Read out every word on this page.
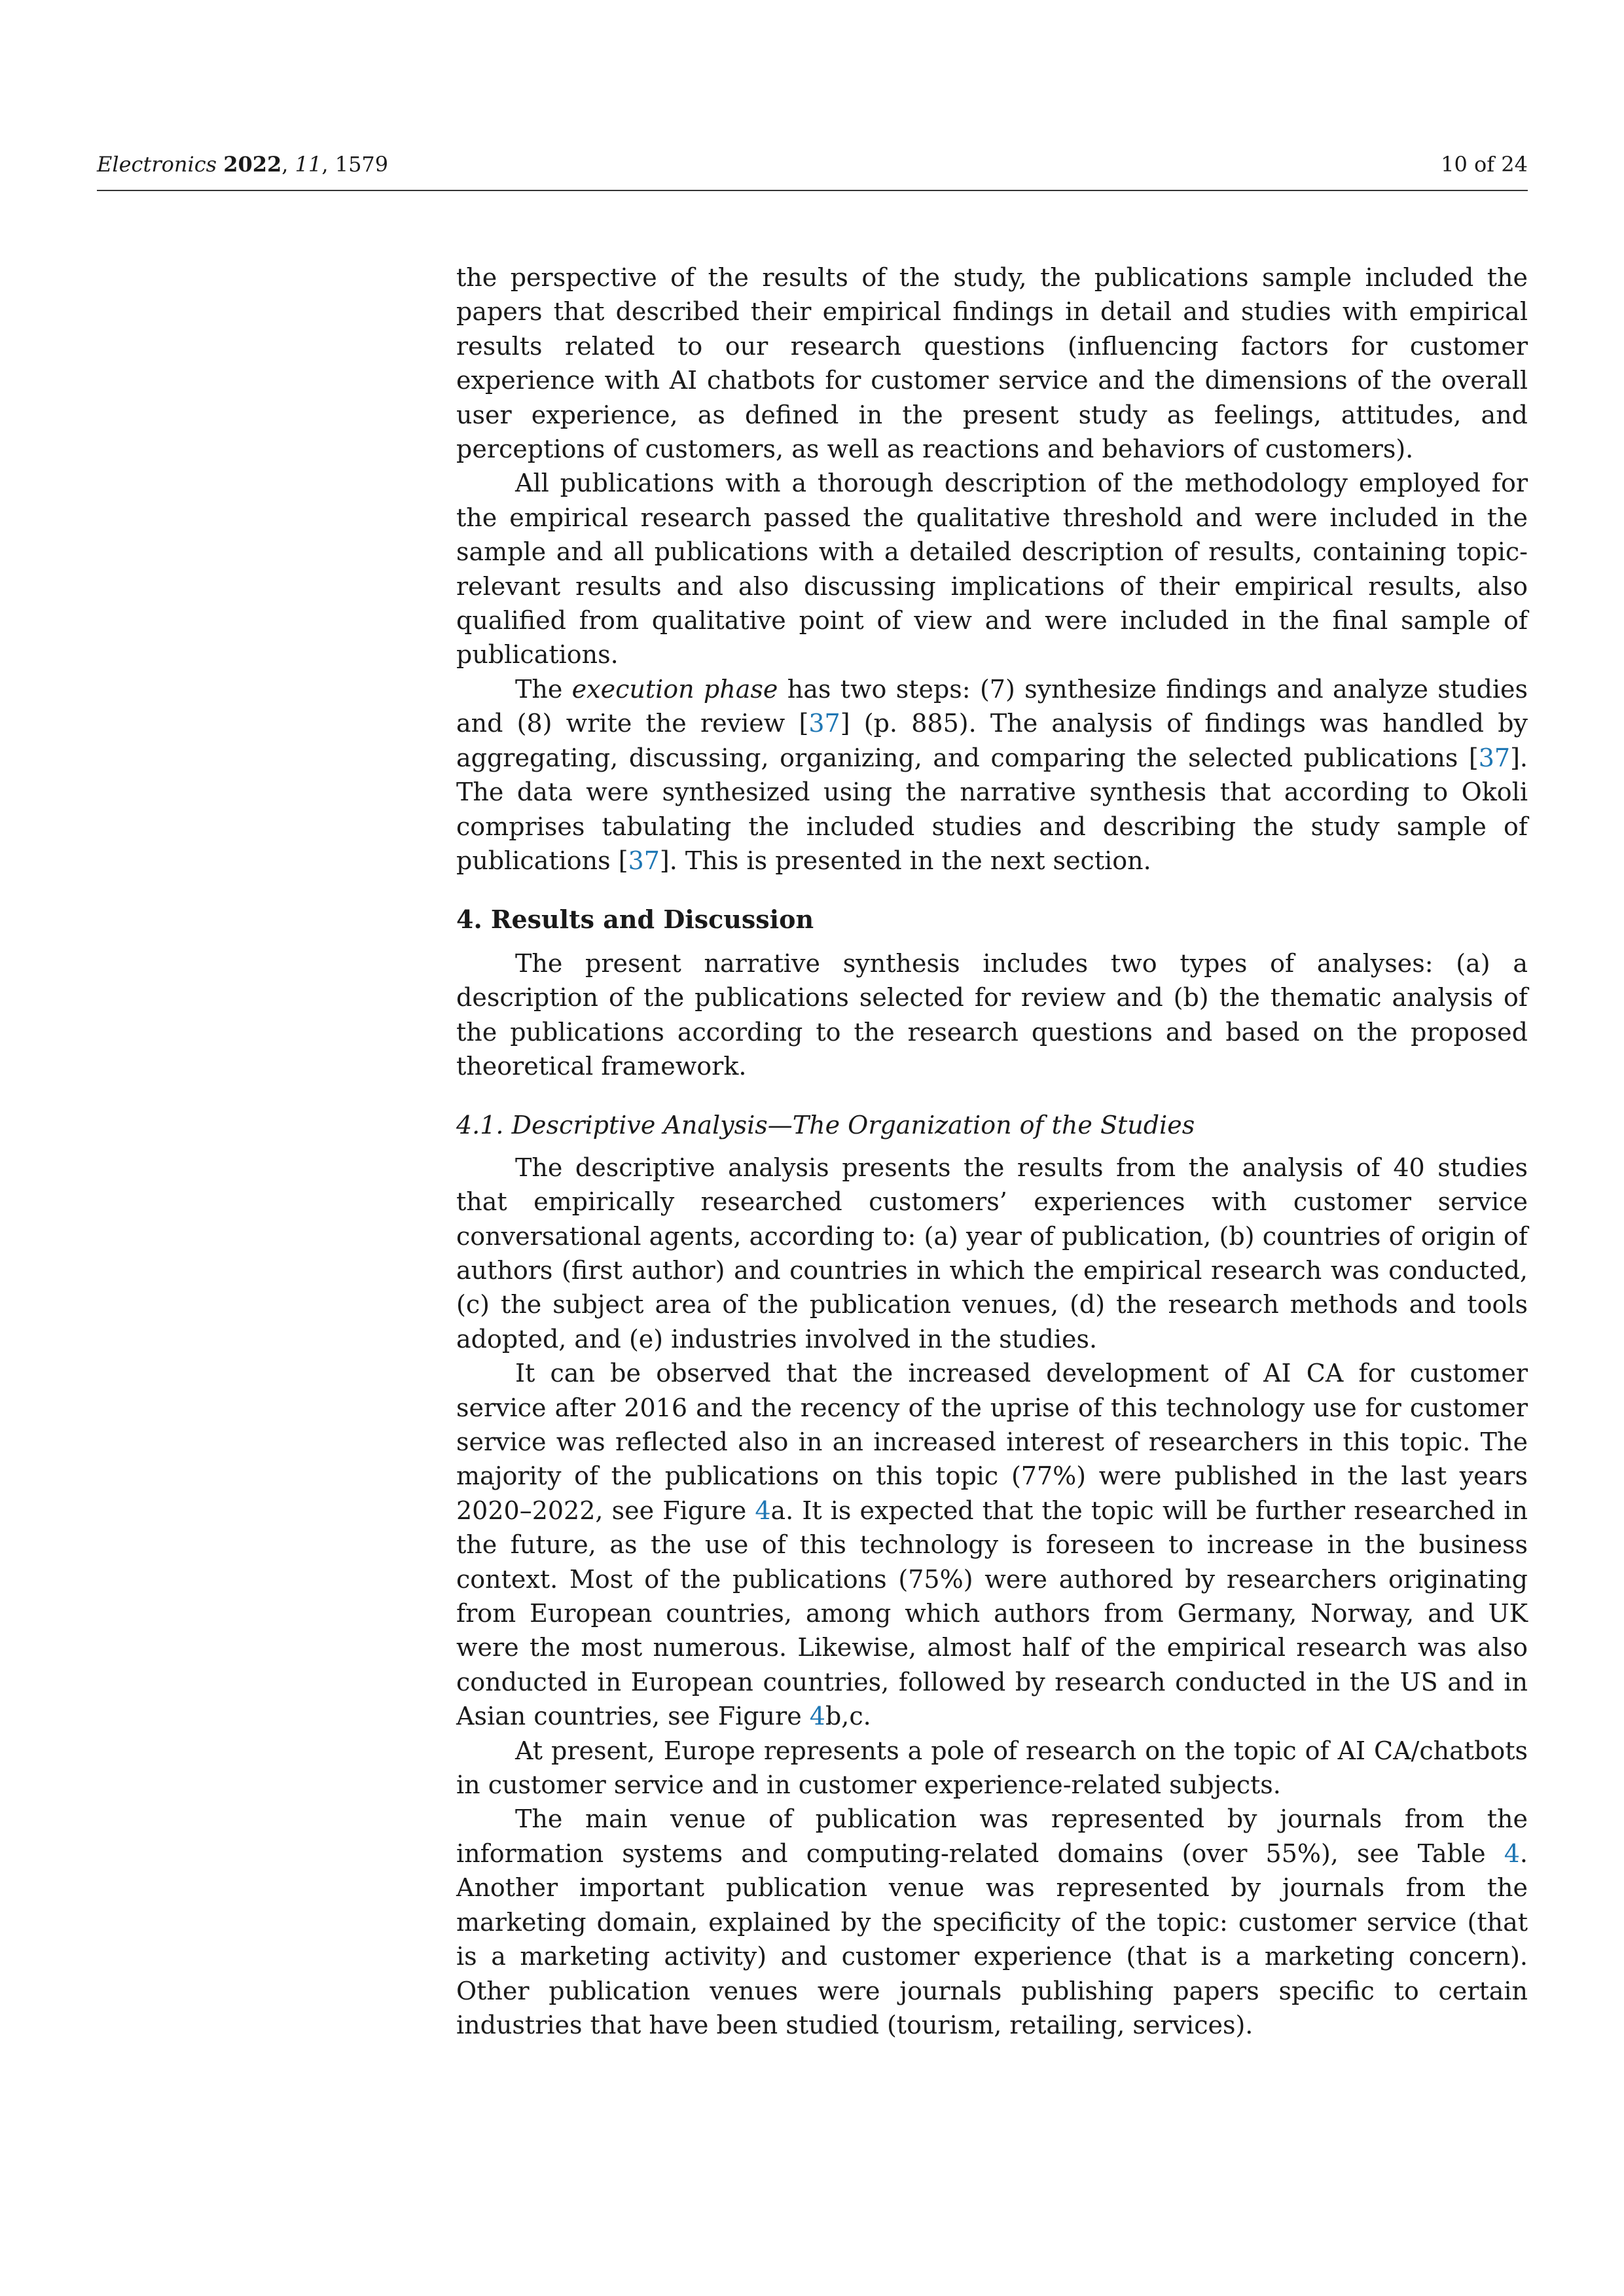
Electronics 2022, 11, 1579	10 of 24

the perspective of the results of the study, the publications sample included the papers that described their empirical findings in detail and studies with empirical results related to our research questions (influencing factors for customer experience with AI chatbots for customer service and the dimensions of the overall user experience, as defined in the present study as feelings, attitudes, and perceptions of customers, as well as reactions and behaviors of customers).

All publications with a thorough description of the methodology employed for the empirical research passed the qualitative threshold and were included in the sample and all publications with a detailed description of results, containing topic-relevant results and also discussing implications of their empirical results, also qualified from qualitative point of view and were included in the final sample of publications.

The execution phase has two steps: (7) synthesize findings and analyze studies and (8) write the review [37] (p. 885). The analysis of findings was handled by aggregating, discussing, organizing, and comparing the selected publications [37]. The data were synthesized using the narrative synthesis that according to Okoli comprises tabulating the included studies and describing the study sample of publications [37]. This is presented in the next section.

4. Results and Discussion

The present narrative synthesis includes two types of analyses: (a) a description of the publications selected for review and (b) the thematic analysis of the publications according to the research questions and based on the proposed theoretical framework.

4.1. Descriptive Analysis—The Organization of the Studies

The descriptive analysis presents the results from the analysis of 40 studies that empirically researched customers’ experiences with customer service conversational agents, according to: (a) year of publication, (b) countries of origin of authors (first author) and countries in which the empirical research was conducted, (c) the subject area of the publication venues, (d) the research methods and tools adopted, and (e) industries involved in the studies.

It can be observed that the increased development of AI CA for customer service after 2016 and the recency of the uprise of this technology use for customer service was reflected also in an increased interest of researchers in this topic. The majority of the publications on this topic (77%) were published in the last years 2020–2022, see Figure 4a. It is expected that the topic will be further researched in the future, as the use of this technology is foreseen to increase in the business context. Most of the publications (75%) were authored by researchers originating from European countries, among which authors from Germany, Norway, and UK were the most numerous. Likewise, almost half of the empirical research was also conducted in European countries, followed by research conducted in the US and in Asian countries, see Figure 4b,c.

At present, Europe represents a pole of research on the topic of AI CA/chatbots in customer service and in customer experience-related subjects.

The main venue of publication was represented by journals from the information systems and computing-related domains (over 55%), see Table 4. Another important publication venue was represented by journals from the marketing domain, explained by the specificity of the topic: customer service (that is a marketing activity) and customer experience (that is a marketing concern). Other publication venues were journals publishing papers specific to certain industries that have been studied (tourism, retailing, services).
